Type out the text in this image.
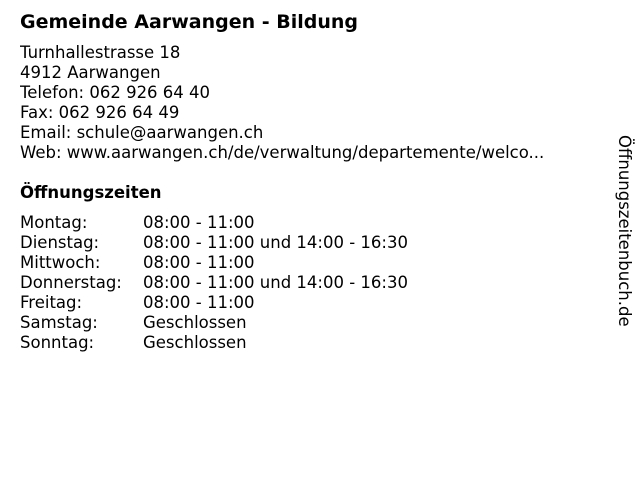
Gemeinde Aarwangen - Bildung
Turnhallestrasse 18
4912 Aarwangen
Telefon: 062 926 64 40
Fax: 062 926 64 49
Email: schule@aarwangen.ch
Web: www.aarwangen.ch/de/verwaltung/departemente/welco...
Öffnungszeiten
Montag:	08:00 - 11:00
Dienstag:	08:00 - 11:00 und 14:00 - 16:30
Mittwoch:	08:00 - 11:00
Donnerstag:	08:00 - 11:00 und 14:00 - 16:30
Freitag:	08:00 - 11:00
Samstag:	Geschlossen
Sonntag:	Geschlossen
Öffnungszeitenbuch.de
